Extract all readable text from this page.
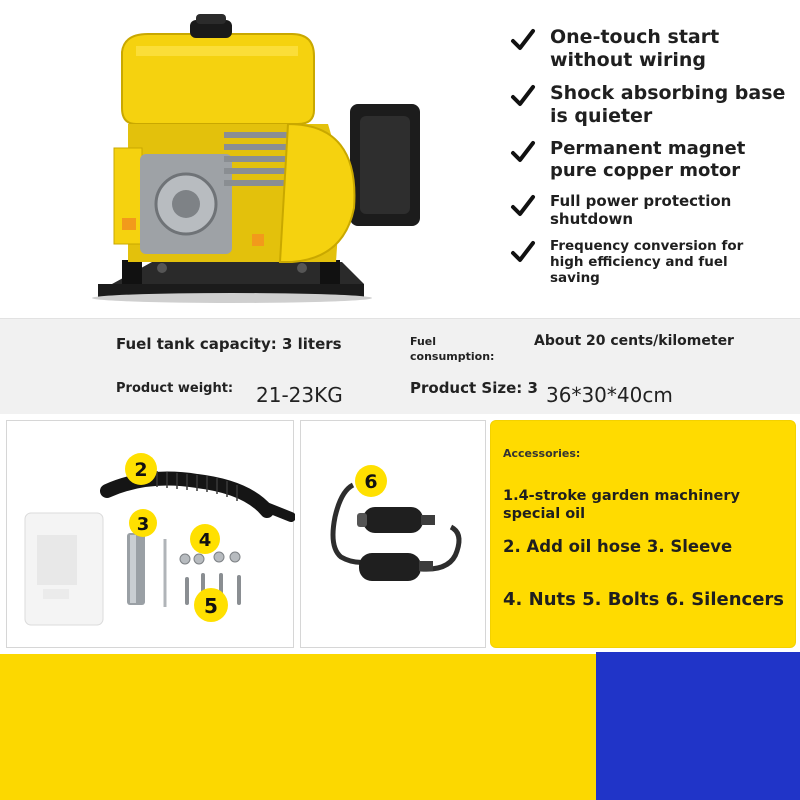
One-touch start
without wiring
Shock absorbing base
is quieter
Permanent magnet
pure copper motor
Full power protection
shutdown
Frequency conversion for
high efficiency and fuel
saving
Fuel tank capacity: 3 liters	Fuel
consumption:
About 20 cents/kilometer
Product weight: 21-23KG	Product Size: 3 36*30*40cm
2
3
4
5
6
Accessories:
1.4-stroke garden machinery
special oil
2. Add oil hose 3. Sleeve
4. Nuts 5. Bolts 6. Silencers
